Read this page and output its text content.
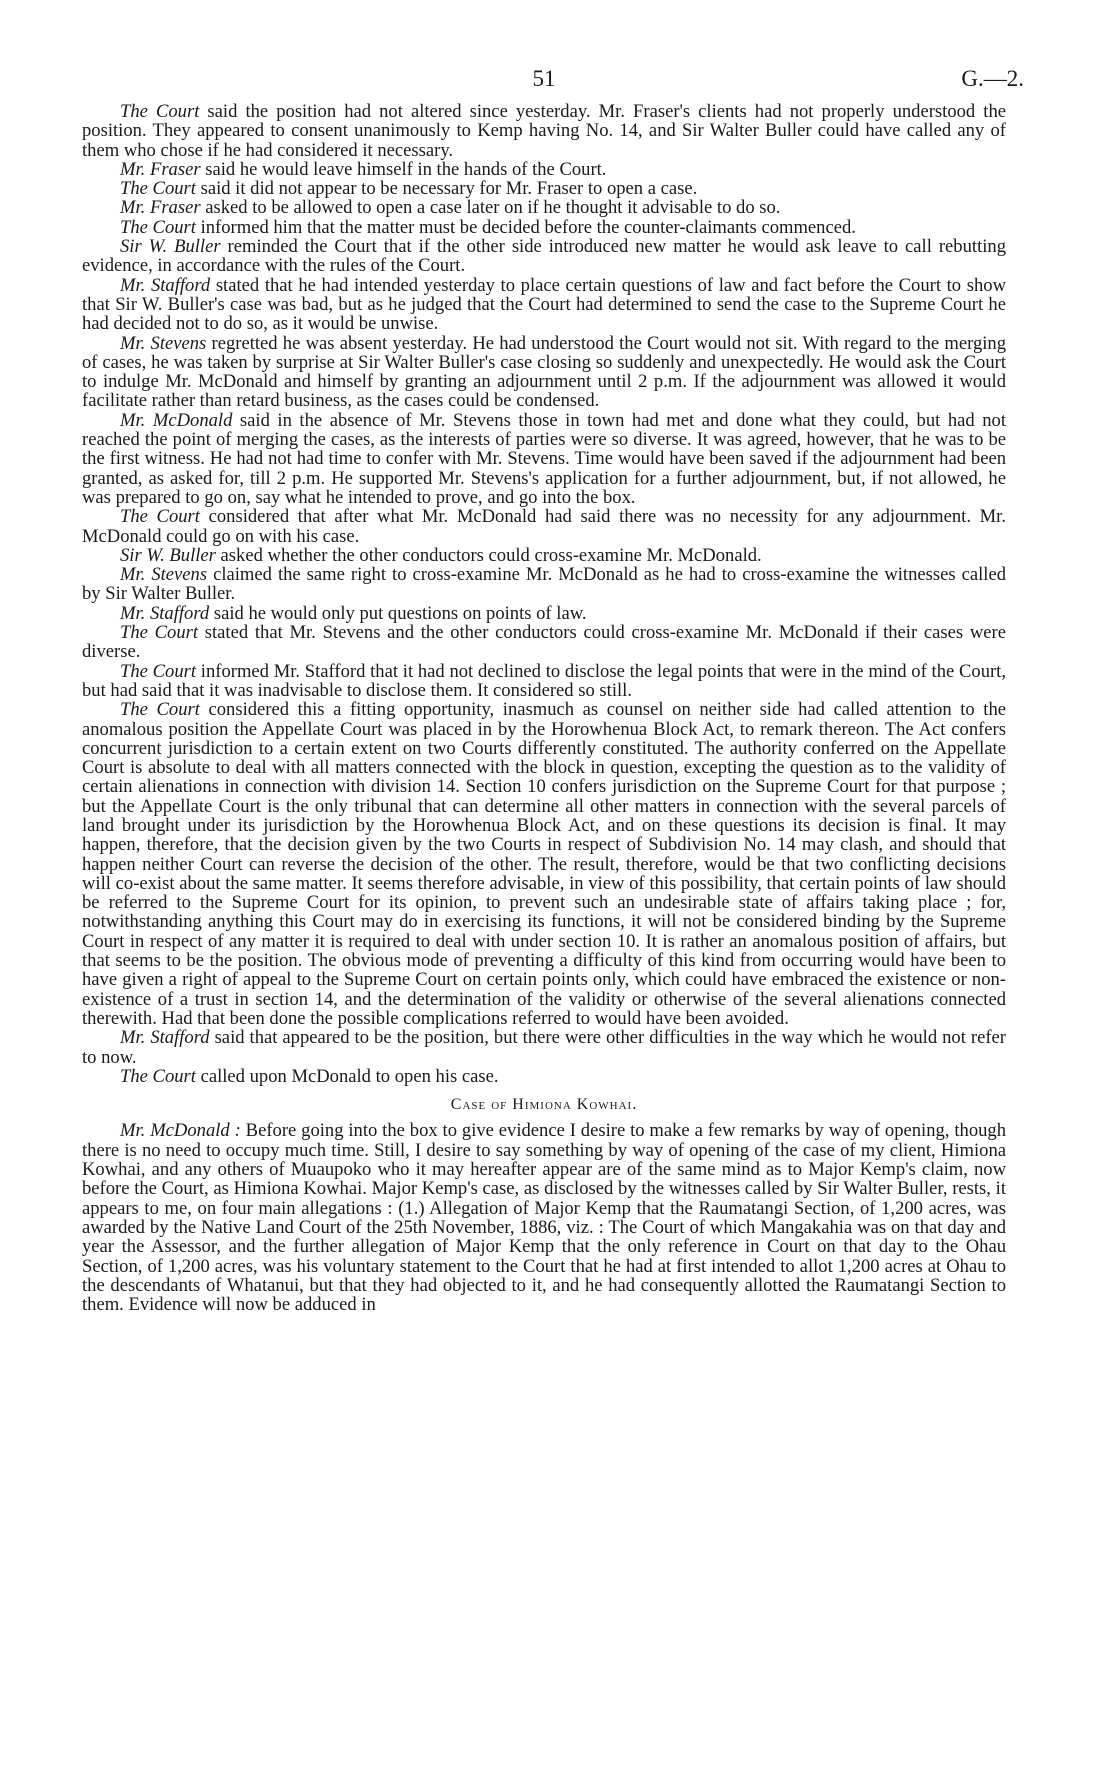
51	G.—2.

The Court said the position had not altered since yesterday. Mr. Fraser's clients had not properly understood the position. They appeared to consent unanimously to Kemp having No. 14, and Sir Walter Buller could have called any of them who chose if he had considered it necessary.

Mr. Fraser said he would leave himself in the hands of the Court.

The Court said it did not appear to be necessary for Mr. Fraser to open a case.

Mr. Fraser asked to be allowed to open a case later on if he thought it advisable to do so.

The Court informed him that the matter must be decided before the counter-claimants commenced.

Sir W. Buller reminded the Court that if the other side introduced new matter he would ask leave to call rebutting evidence, in accordance with the rules of the Court.

Mr. Stafford stated that he had intended yesterday to place certain questions of law and fact before the Court to show that Sir W. Buller's case was bad, but as he judged that the Court had determined to send the case to the Supreme Court he had decided not to do so, as it would be unwise.

Mr. Stevens regretted he was absent yesterday. He had understood the Court would not sit. With regard to the merging of cases, he was taken by surprise at Sir Walter Buller's case closing so suddenly and unexpectedly. He would ask the Court to indulge Mr. McDonald and himself by granting an adjournment until 2 p.m. If the adjournment was allowed it would facilitate rather than retard business, as the cases could be condensed.

Mr. McDonald said in the absence of Mr. Stevens those in town had met and done what they could, but had not reached the point of merging the cases, as the interests of parties were so diverse. It was agreed, however, that he was to be the first witness. He had not had time to confer with Mr. Stevens. Time would have been saved if the adjournment had been granted, as asked for, till 2 p.m. He supported Mr. Stevens's application for a further adjournment, but, if not allowed, he was prepared to go on, say what he intended to prove, and go into the box.

The Court considered that after what Mr. McDonald had said there was no necessity for any adjournment. Mr. McDonald could go on with his case.

Sir W. Buller asked whether the other conductors could cross-examine Mr. McDonald.

Mr. Stevens claimed the same right to cross-examine Mr. McDonald as he had to cross-examine the witnesses called by Sir Walter Buller.

Mr. Stafford said he would only put questions on points of law.

The Court stated that Mr. Stevens and the other conductors could cross-examine Mr. McDonald if their cases were diverse.

The Court informed Mr. Stafford that it had not declined to disclose the legal points that were in the mind of the Court, but had said that it was inadvisable to disclose them. It considered so still.

The Court considered this a fitting opportunity, inasmuch as counsel on neither side had called attention to the anomalous position the Appellate Court was placed in by the Horowhenua Block Act, to remark thereon. The Act confers concurrent jurisdiction to a certain extent on two Courts differently constituted. The authority conferred on the Appellate Court is absolute to deal with all matters connected with the block in question, excepting the question as to the validity of certain alienations in connection with division 14. Section 10 confers jurisdiction on the Supreme Court for that purpose ; but the Appellate Court is the only tribunal that can determine all other matters in connection with the several parcels of land brought under its jurisdiction by the Horowhenua Block Act, and on these questions its decision is final. It may happen, therefore, that the decision given by the two Courts in respect of Subdivision No. 14 may clash, and should that happen neither Court can reverse the decision of the other. The result, therefore, would be that two conflicting decisions will co-exist about the same matter. It seems therefore advisable, in view of this possibility, that certain points of law should be referred to the Supreme Court for its opinion, to prevent such an undesirable state of affairs taking place ; for, notwithstanding anything this Court may do in exercising its functions, it will not be considered binding by the Supreme Court in respect of any matter it is required to deal with under section 10. It is rather an anomalous position of affairs, but that seems to be the position. The obvious mode of preventing a difficulty of this kind from occurring would have been to have given a right of appeal to the Supreme Court on certain points only, which could have embraced the existence or non-existence of a trust in section 14, and the determination of the validity or otherwise of the several alienations connected therewith. Had that been done the possible complications referred to would have been avoided.

Mr. Stafford said that appeared to be the position, but there were other difficulties in the way which he would not refer to now.

The Court called upon McDonald to open his case.

Case of Himiona Kowhai.

Mr. McDonald : Before going into the box to give evidence I desire to make a few remarks by way of opening, though there is no need to occupy much time. Still, I desire to say something by way of opening of the case of my client, Himiona Kowhai, and any others of Muaupoko who it may hereafter appear are of the same mind as to Major Kemp's claim, now before the Court, as Himiona Kowhai. Major Kemp's case, as disclosed by the witnesses called by Sir Walter Buller, rests, it appears to me, on four main allegations : (1.) Allegation of Major Kemp that the Raumatangi Section, of 1,200 acres, was awarded by the Native Land Court of the 25th November, 1886, viz. : The Court of which Mangakahia was on that day and year the Assessor, and the further allegation of Major Kemp that the only reference in Court on that day to the Ohau Section, of 1,200 acres, was his voluntary statement to the Court that he had at first intended to allot 1,200 acres at Ohau to the descendants of Whatanui, but that they had objected to it, and he had consequently allotted the Raumatangi Section to them. Evidence will now be adduced in
